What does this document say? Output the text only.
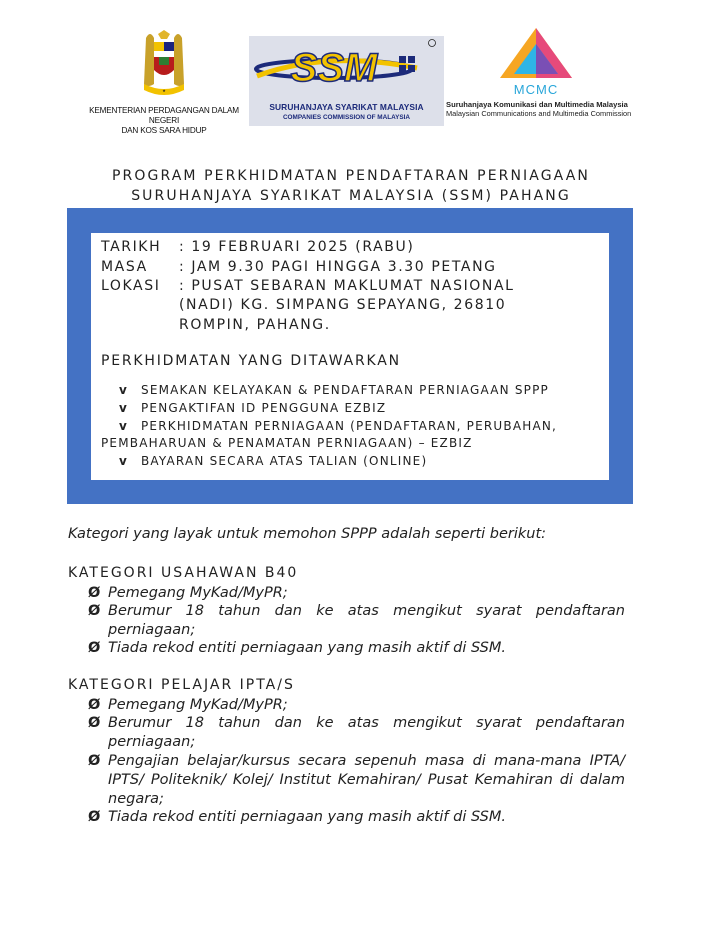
★
KEMENTERIAN PERDAGANGAN DALAM NEGERI
DAN KOS SARA HIDUP
SSM
SURUHANJAYA SYARIKAT MALAYSIA
COMPANIES COMMISSION OF MALAYSIA
MCMC
Suruhanjaya Komunikasi dan Multimedia Malaysia
Malaysian Communications and Multimedia Commission
PROGRAM PERKHIDMATAN PENDAFTARAN PERNIAGAAN
SURUHANJAYA SYARIKAT MALAYSIA (SSM) PAHANG
TARIKH : 19 FEBRUARI 2025 (RABU)
MASA : JAM 9.30 PAGI HINGGA 3.30 PETANG
LOKASI : PUSAT SEBARAN MAKLUMAT NASIONAL
(NADI) KG. SIMPANG SEPAYANG, 26810
ROMPIN, PAHANG.
PERKHIDMATAN YANG DITAWARKAN
v SEMAKAN KELAYAKAN & PENDAFTARAN PERNIAGAAN SPPP
v PENGAKTIFAN ID PENGGUNA EZBIZ
v PERKHIDMATAN PERNIAGAAN (PENDAFTARAN, PERUBAHAN,
PEMBAHARUAN & PENAMATAN PERNIAGAAN) – EZBIZ
v BAYARAN SECARA ATAS TALIAN (ONLINE)
Kategori yang layak untuk memohon SPPP adalah seperti berikut:
KATEGORI USAHAWAN B40
Ø Pemegang MyKad/MyPR;
Ø Berumur 18 tahun dan ke atas mengikut syarat pendaftaran perniagaan;
Ø Tiada rekod entiti perniagaan yang masih aktif di SSM.
KATEGORI PELAJAR IPTA/S
Ø Pemegang MyKad/MyPR;
Ø Berumur 18 tahun dan ke atas mengikut syarat pendaftaran perniagaan;
Ø Pengajian belajar/kursus secara sepenuh masa di mana-mana IPTA/ IPTS/ Politeknik/ Kolej/ Institut Kemahiran/ Pusat Kemahiran di dalam negara;
Ø Tiada rekod entiti perniagaan yang masih aktif di SSM.
